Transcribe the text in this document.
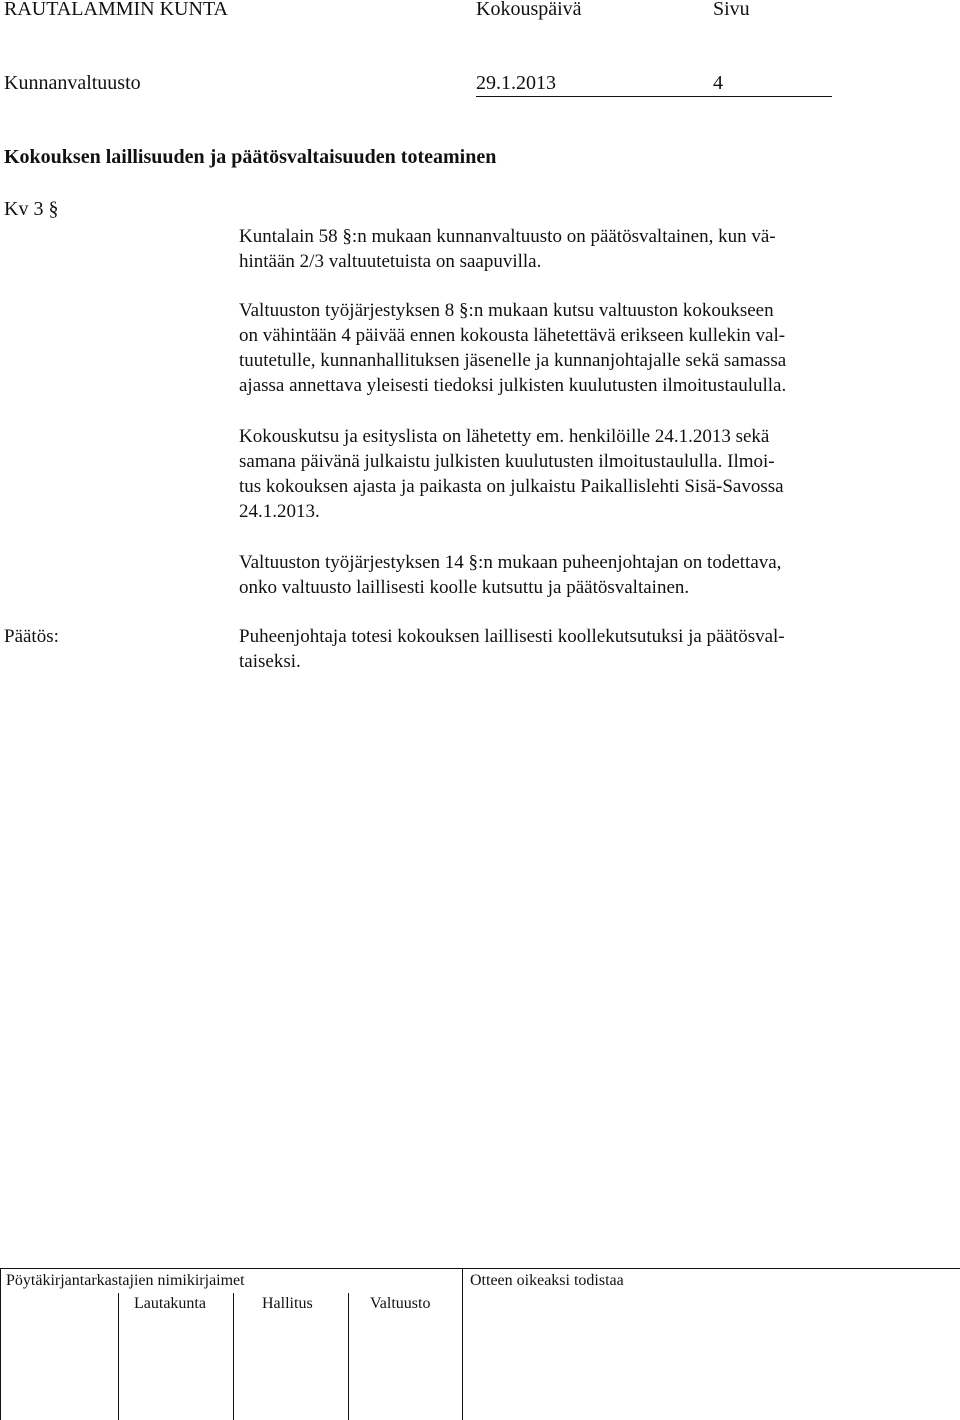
RAUTALAMMIN KUNTA	Kokouspäivä	Sivu
Kunnanvaltuusto	29.1.2013	4
Kokouksen laillisuuden ja päätösvaltaisuuden toteaminen
Kv 3 §
Kuntalain 58 §:n mukaan kunnanvaltuusto on päätösvaltainen, kun vä-
hintään 2/3 valtuutetuista on saapuvilla.
Valtuuston työjärjestyksen 8 §:n mukaan kutsu valtuuston kokoukseen
on vähintään 4 päivää ennen kokousta lähetettävä erikseen kullekin val-
tuutetulle, kunnanhallituksen jäsenelle ja kunnanjohtajalle sekä samassa
ajassa annettava yleisesti tiedoksi julkisten kuulutusten ilmoitustaululla.
Kokouskutsu ja esityslista on lähetetty em. henkilöille 24.1.2013 sekä
samana päivänä julkaistu julkisten kuulutusten ilmoitustaululla. Ilmoi-
tus kokouksen ajasta ja paikasta on julkaistu Paikallislehti Sisä-Savossa
24.1.2013.
Valtuuston työjärjestyksen 14 §:n mukaan puheenjohtajan on todettava,
onko valtuusto laillisesti koolle kutsuttu ja päätösvaltainen.
Päätös:	Puheenjohtaja totesi kokouksen laillisesti koollekutsutuksi ja päätösval-
taiseksi.
Pöytäkirjantarkastajien nimikirjaimet
Lautakunta	Hallitus	Valtuusto
Otteen oikeaksi todistaa
